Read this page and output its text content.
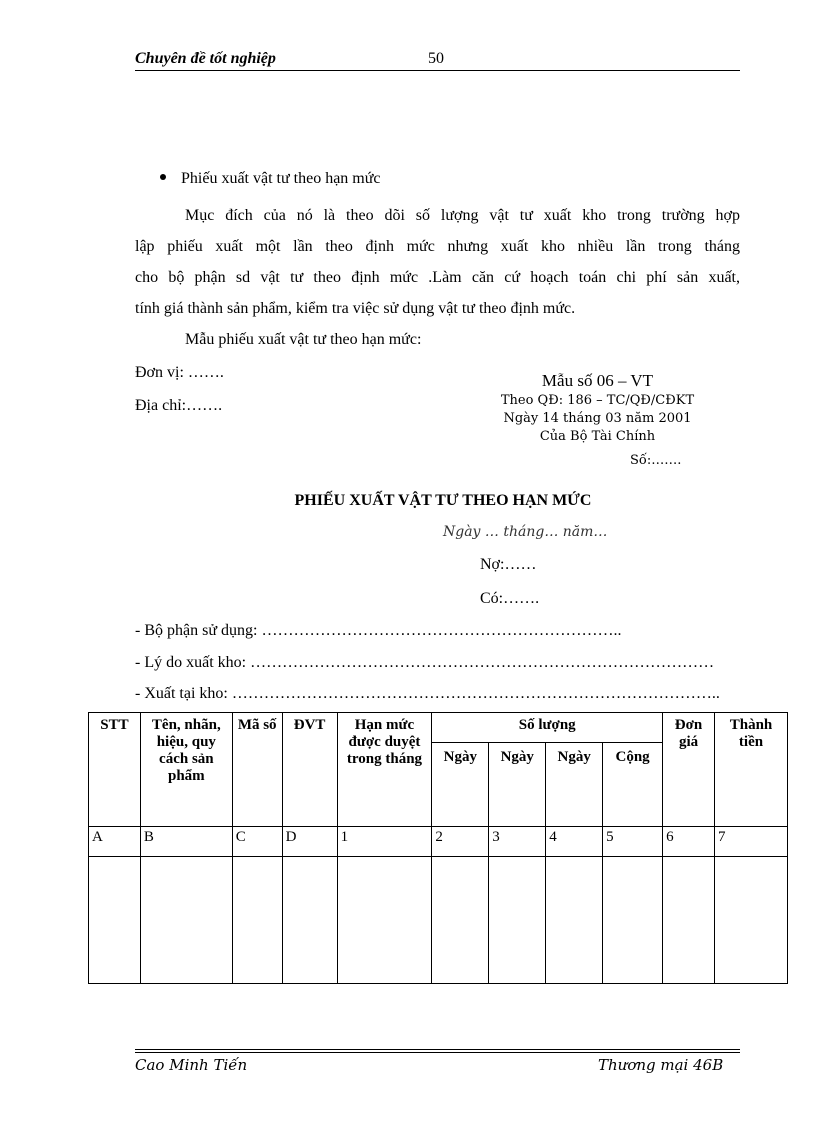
Chuyên đề tốt nghiệp	50
Phiếu xuất vật tư theo hạn mức
Mục đích của nó là theo dõi số lượng vật tư xuất kho trong trường hợp
lập phiếu xuất một lần theo định mức nhưng xuất kho nhiều lần trong tháng
cho bộ phận sd vật tư theo định mức .Làm căn cứ hoạch toán chi phí sản xuất,
tính giá thành sản phẩm, kiểm tra việc sử dụng vật tư theo định mức.
Mẫu phiếu xuất vật tư theo hạn mức:
Đơn vị: …….
Địa chỉ:…….
Mẫu số 06 – VT
Theo QĐ: 186 – TC/QĐ/CĐKT
Ngày 14 tháng 03 năm 2001
Của Bộ Tài Chính
Số:…….
PHIẾU XUẤT VẬT TƯ THEO HẠN MỨC
Ngày … tháng… năm…
Nợ:……
Có:…….
- Bộ phận sử dụng: …………………………………………………………..
- Lý do xuất kho: ……………………………………………………………………………
- Xuất tại kho: ………………………………………………………………………………..
STT	Tên, nhãn, hiệu, quy cách sản phẩm	Mã số	ĐVT	Hạn mức được duyệt trong tháng	Số lượng				Đơn giá	Thành tiền
					Ngày	Ngày	Ngày	Cộng		
A	B	C	D	1	2	3	4	5	6	7

Cao Minh Tiến	Thương mại 46B
